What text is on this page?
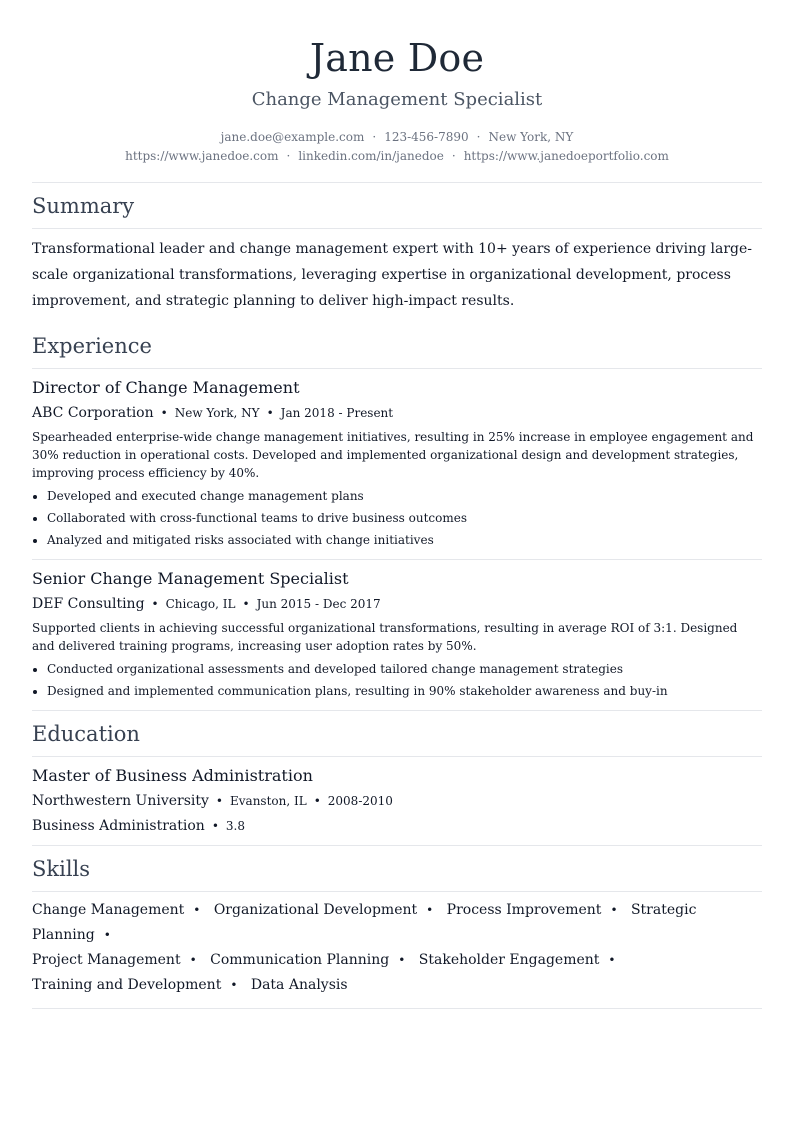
Jane Doe
Change Management Specialist
jane.doe@example.com · 123-456-7890 · New York, NY
https://www.janedoe.com · linkedin.com/in/janedoe · https://www.janedoeportfolio.com
Summary
Transformational leader and change management expert with 10+ years of experience driving large-scale organizational transformations, leveraging expertise in organizational development, process improvement, and strategic planning to deliver high-impact results.
Experience
Director of Change Management
ABC Corporation • New York, NY • Jan 2018 - Present
Spearheaded enterprise-wide change management initiatives, resulting in 25% increase in employee engagement and 30% reduction in operational costs. Developed and implemented organizational design and development strategies, improving process efficiency by 40%.
Developed and executed change management plans
Collaborated with cross-functional teams to drive business outcomes
Analyzed and mitigated risks associated with change initiatives
Senior Change Management Specialist
DEF Consulting • Chicago, IL • Jun 2015 - Dec 2017
Supported clients in achieving successful organizational transformations, resulting in average ROI of 3:1. Designed and delivered training programs, increasing user adoption rates by 50%.
Conducted organizational assessments and developed tailored change management strategies
Designed and implemented communication plans, resulting in 90% stakeholder awareness and buy-in
Education
Master of Business Administration
Northwestern University • Evanston, IL • 2008-2010
Business Administration • 3.8
Skills
Change Management • Organizational Development • Process Improvement • Strategic Planning •
Project Management • Communication Planning • Stakeholder Engagement •
Training and Development • Data Analysis
